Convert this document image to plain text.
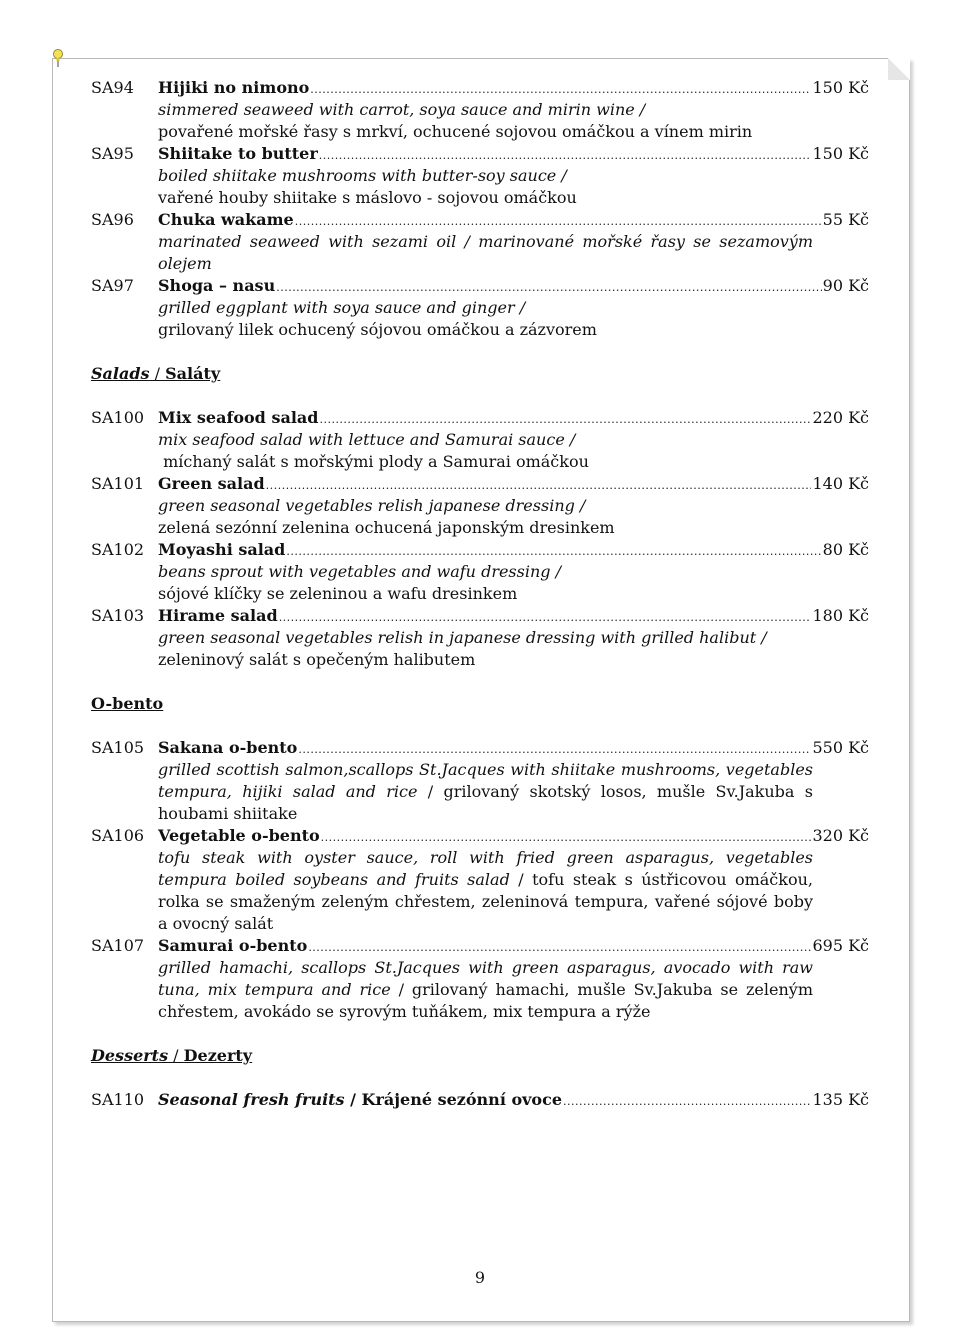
SA94	Hijiki no nimono .....	150 Kč
simmered seaweed with carrot, soya sauce and mirin wine /
povařené mořské řasy s mrkví, ochucené sojovou omáčkou a vínem mirin
SA95	Shiitake to butter .....	150 Kč
boiled shiitake mushrooms with butter-soy sauce /
vařené houby shiitake s máslovo - sojovou omáčkou
SA96	Chuka wakame .....	55 Kč
marinated seaweed with sezami oil / marinované mořské řasy se sezamovým olejem
SA97	Shoga – nasu .....	90 Kč
grilled eggplant with soya sauce and ginger /
grilovaný lilek ochucený sójovou omáčkou a zázvorem
Salads / Saláty
SA100 Mix seafood salad .....	220 Kč
mix seafood salad with lettuce and Samurai sauce /
míchaný salát s mořskými plody a Samurai omáčkou
SA101 Green salad .....	140 Kč
green seasonal vegetables relish japanese dressing /
zelená sezónní zelenina ochucená japonským dresinkem
SA102 Moyashi salad .....	80 Kč
beans sprout with vegetables and wafu dressing /
sójové klíčky se zeleninou a wafu dresinkem
SA103 Hirame salad .....	180 Kč
green seasonal vegetables relish in japanese dressing with grilled halibut /
zeleninový salát s opečeným halibutem
O-bento
SA105 Sakana o-bento .....	550 Kč
grilled scottish salmon,scallops St.Jacques with shiitake mushrooms, vegetables tempura, hijiki salad and rice / grilovaný skotský losos, mušle Sv.Jakuba s houbami shiitake
SA106 Vegetable o-bento .....	320 Kč
tofu steak with oyster sauce, roll with fried green asparagus, vegetables tempura boiled soybeans and fruits salad / tofu steak s ústřicovou omáčkou, rolka se smaženým zeleným chřestem, zeleninová tempura, vařené sójové boby a ovocný salát
SA107 Samurai o-bento .....	695 Kč
grilled hamachi, scallops St.Jacques with green asparagus, avocado with raw tuna, mix tempura and rice / grilovaný hamachi, mušle Sv.Jakuba se zeleným chřestem, avokádo se syrovým tuňákem, mix tempura a rýže
Desserts / Dezerty
SA110 Seasonal fresh fruits / Krájené sezónní ovoce .....	135 Kč
9
